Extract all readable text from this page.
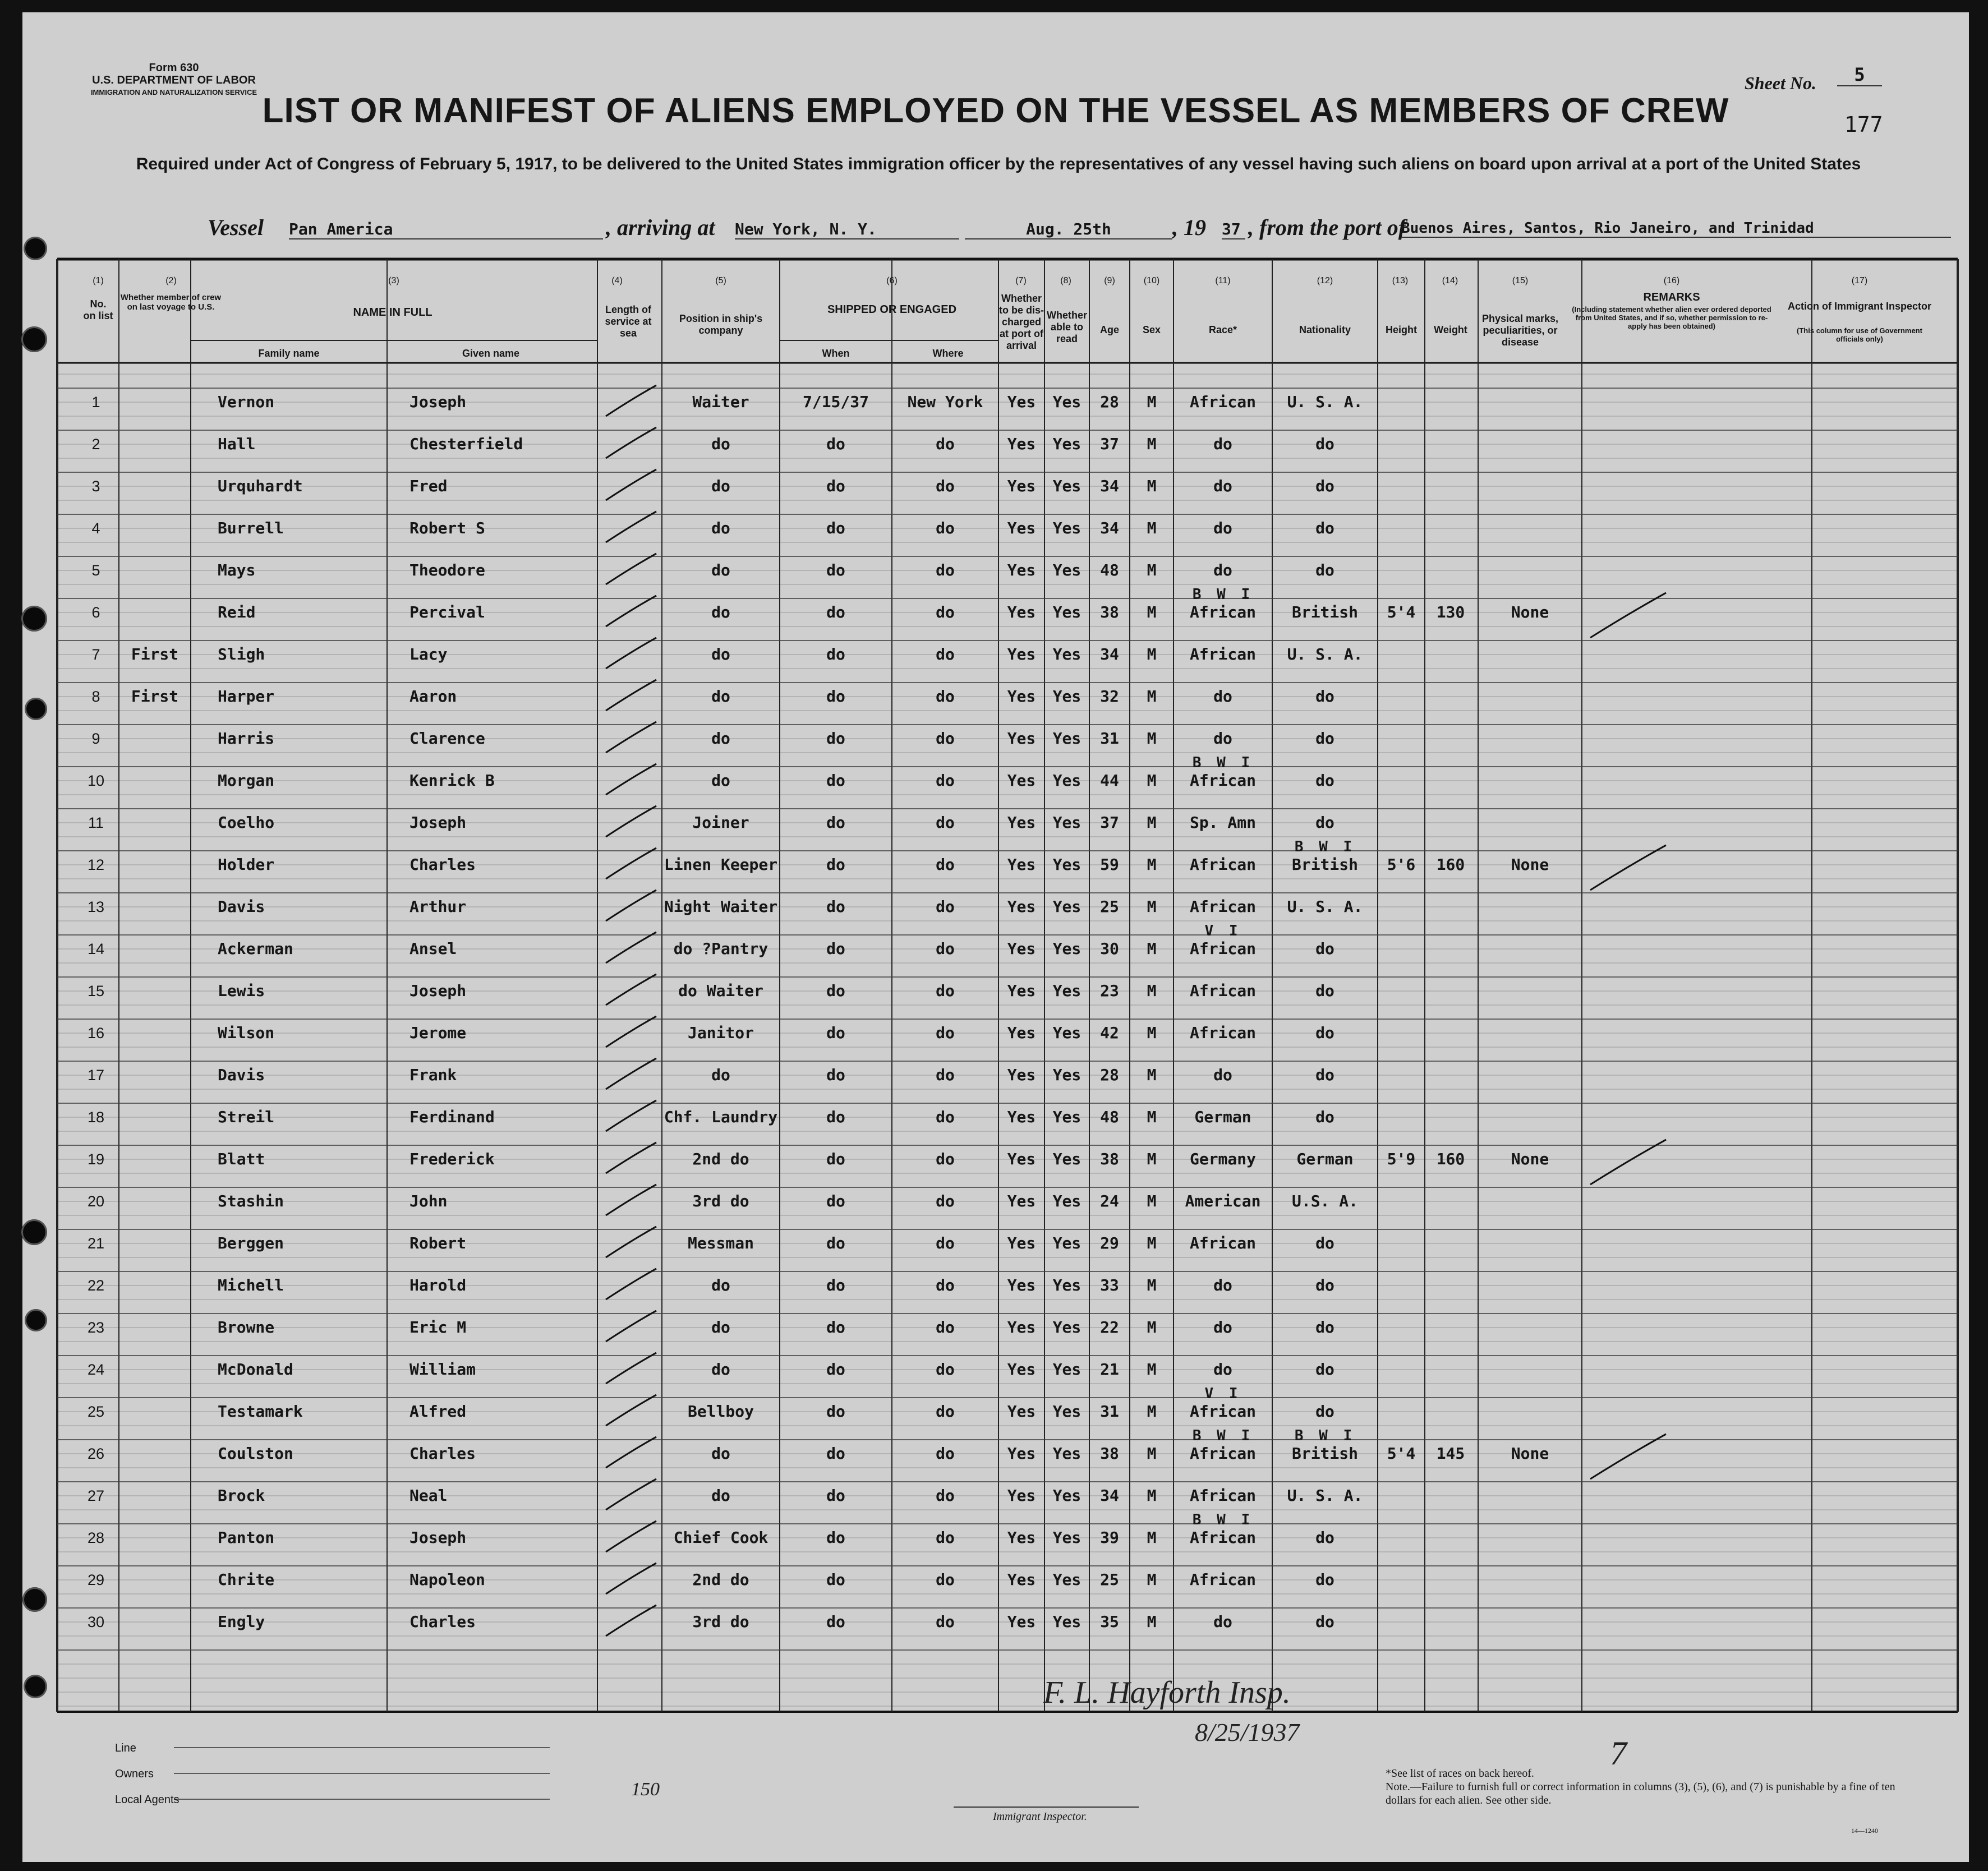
Form 630
U.S. DEPARTMENT OF LABOR
IMMIGRATION AND NATURALIZATION SERVICE LIST OR MANIFEST OF ALIENS EMPLOYED ON THE VESSEL AS MEMBERS OF CREW
Required under Act of Congress of February 5, 1917, to be delivered to the United States immigration officer by the representatives of any vessel having such aliens on board upon arrival at a port of the United States
Sheet No.	5
177
Vessel Pan America	, arriving at New York, N. Y.	Aug. 25th	, 19 37 , from the port of
Buenos Aires, Santos, Rio Janeiro, and Trinidad
(1)
No. on list
(2)
Whether member of crew on last voyage to U.S.
(3)
NAME IN FULL
Family name	Given name
(4)
Length of service at sea
(5)
Position in ship's company
(6)
SHIPPED OR ENGAGED
When	Where
(7)
Whether to be dis-charged at port of arrival
(8)
Whether able to read
(9)
Age
(10)
Sex
(11)
Race*
(12)
Nationality
(13)
Height
(14)
Weight
(15)
Physical marks, peculiarities, or disease
(16)
REMARKS
(Including statement whether alien ever ordered deported from United States, and if so, whether permission to re-apply has been obtained)
(17)
Action of Immigrant Inspector
(This column for use of Government officials only)
1	Vernon	Joseph	Waiter	7/15/37	New York	Yes	Yes	28	M	African	U. S. A.
2	Hall	Chesterfield	do	do	do	Yes	Yes	37	M	do	do
3	Urquhardt	Fred	do	do	do	Yes	Yes	34	M	do	do
4	Burrell	Robert S	do	do	do	Yes	Yes	34	M	do	do
5	Mays	Theodore	do	do	do	Yes	Yes	48	M	do	do
6	Reid	Percival	do	do	do	Yes	Yes	38	M	African	British	5'4	130	None
B W I
7	First	Sligh	Lacy	do	do	do	Yes	Yes	34	M	African	U. S. A.
8	First	Harper	Aaron	do	do	do	Yes	Yes	32	M	do	do
9	Harris	Clarence	do	do	do	Yes	Yes	31	M	do	do
10	Morgan	Kenrick B	do	do	do	Yes	Yes	44	M	African	do
B W I
11	Coelho	Joseph	Joiner	do	do	Yes	Yes	37	M	Sp. Amn	do
12	Holder	Charles	Linen Keeper	do	do	Yes	Yes	59	M	African	British	5'6	160	None
B W I
13	Davis	Arthur	Night Waiter	do	do	Yes	Yes	25	M	African	U. S. A.
14	Ackerman	Ansel	do ?Pantry	do	do	Yes	Yes	30	M	African	do
V I
15	Lewis	Joseph	do Waiter	do	do	Yes	Yes	23	M	African	do
16	Wilson	Jerome	Janitor	do	do	Yes	Yes	42	M	African	do
17	Davis	Frank	do	do	do	Yes	Yes	28	M	do	do
18	Streil	Ferdinand	Chf. Laundry	do	do	Yes	Yes	48	M	German	do
19	Blatt	Frederick	2nd do	do	do	Yes	Yes	38	M	Germany	German	5'9	160	None
20	Stashin	John	3rd do	do	do	Yes	Yes	24	M	American	U.S. A.
21	Berggen	Robert	Messman	do	do	Yes	Yes	29	M	African	do
22	Michell	Harold	do	do	do	Yes	Yes	33	M	do	do
23	Browne	Eric M	do	do	do	Yes	Yes	22	M	do	do
24	McDonald	William	do	do	do	Yes	Yes	21	M	do	do
25	Testamark	Alfred	Bellboy	do	do	Yes	Yes	31	M	African	do
V I
26	Coulston	Charles	do	do	do	Yes	Yes	38	M	African	British	5'4	145	None
B W I	B W I
27	Brock	Neal	do	do	do	Yes	Yes	34	M	African	U. S. A.
28	Panton	Joseph	Chief Cook	do	do	Yes	Yes	39	M	African	do
B W I
29	Chrite	Napoleon	2nd do	do	do	Yes	Yes	25	M	African	do
30	Engly	Charles	3rd do	do	do	Yes	Yes	35	M	do	do
Line
Owners
Local Agents
Immigrant Inspector.
F. L. Hayforth Insp.
8/25/1937
150
7
*See list of races on back hereof.
Note.—Failure to furnish full or correct information in columns (3), (5), (6), and (7) is punishable by a fine of ten dollars for each alien. See other side.
14—1240
